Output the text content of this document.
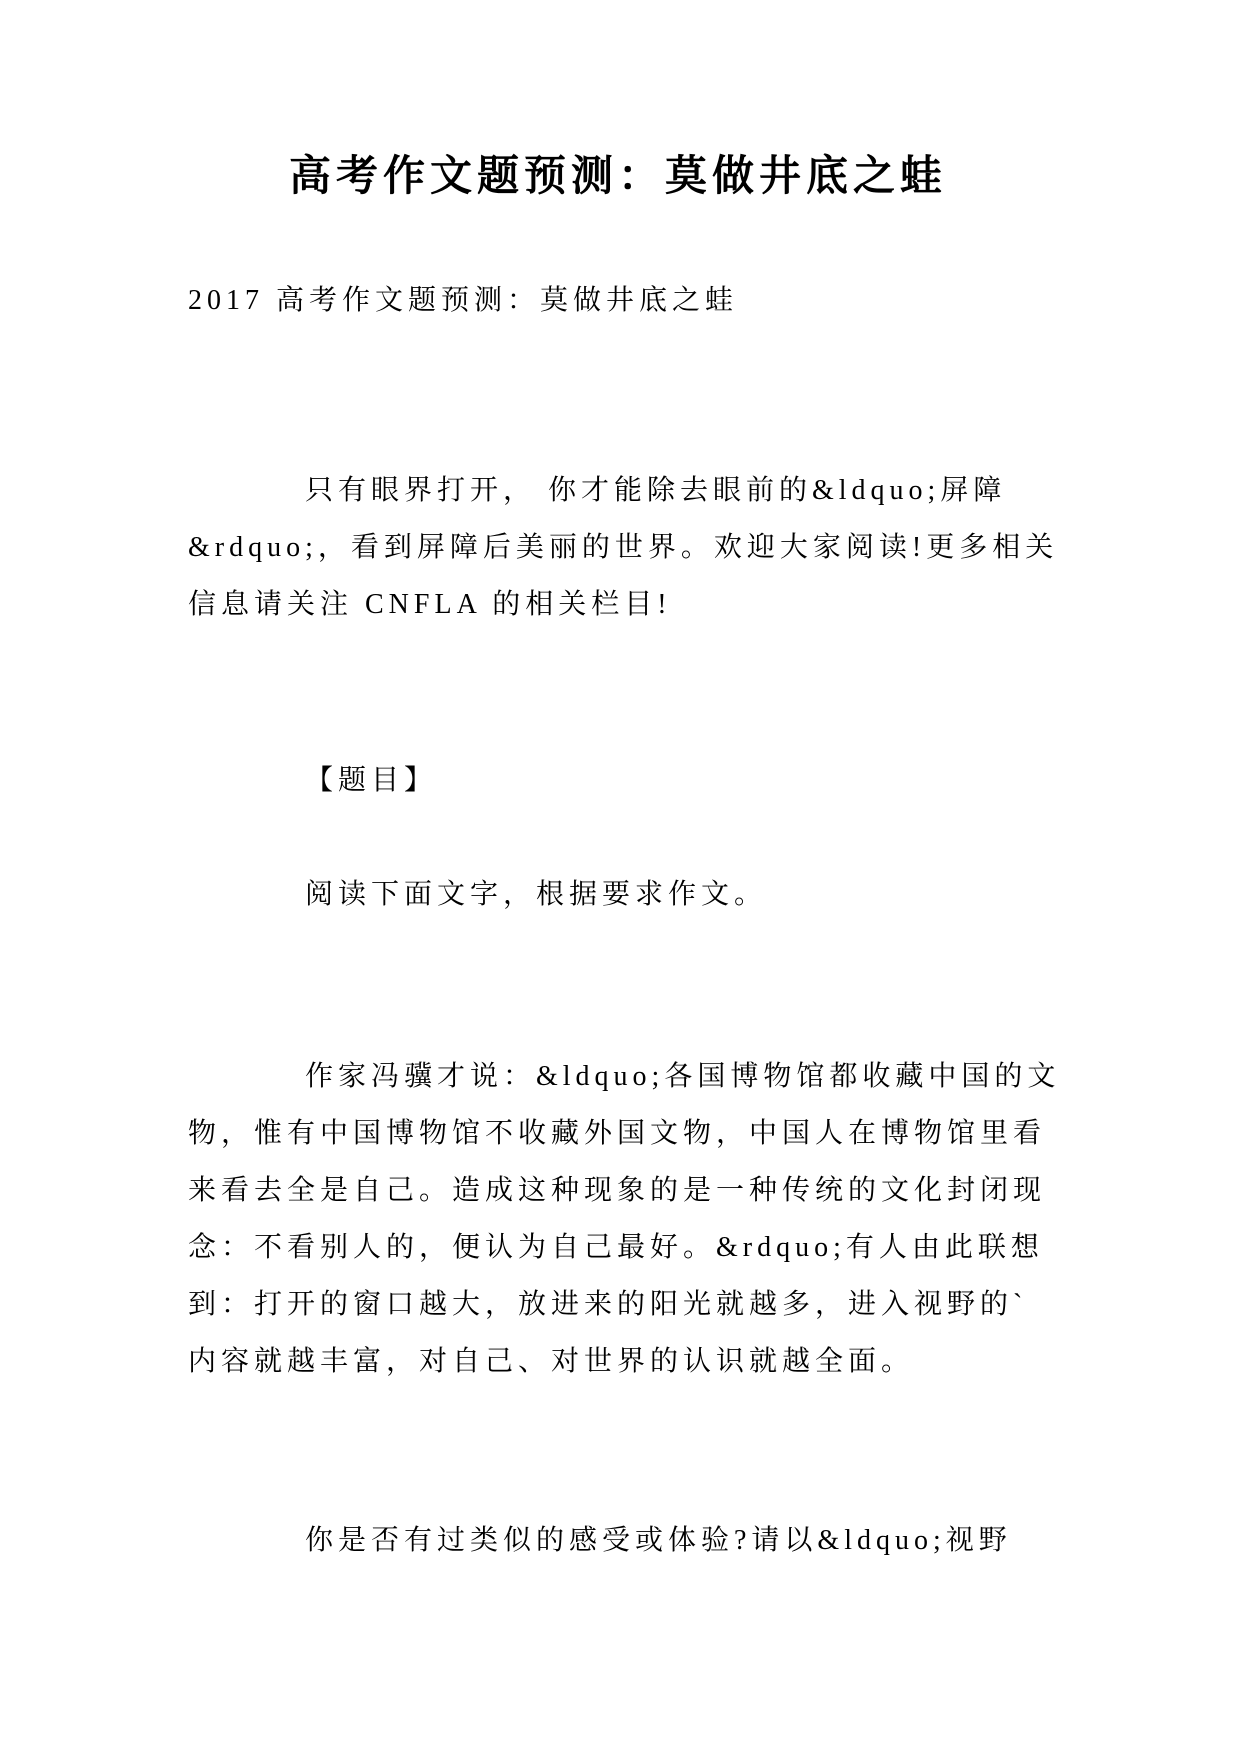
高考作文题预测：莫做井底之蛙
2017 高考作文题预测：莫做井底之蛙
只有眼界打开， 你才能除去眼前的&ldquo;屏障
&rdquo;，看到屏障后美丽的世界。欢迎大家阅读!更多相关
信息请关注 CNFLA 的相关栏目!
【题目】
阅读下面文字，根据要求作文。
作家冯骥才说：&ldquo;各国博物馆都收藏中国的文
物，惟有中国博物馆不收藏外国文物，中国人在博物馆里看
来看去全是自己。造成这种现象的是一种传统的文化封闭现
念：不看别人的，便认为自己最好。&rdquo;有人由此联想
到：打开的窗口越大，放进来的阳光就越多，进入视野的`
内容就越丰富，对自己、对世界的认识就越全面。
你是否有过类似的感受或体验?请以&ldquo;视野
